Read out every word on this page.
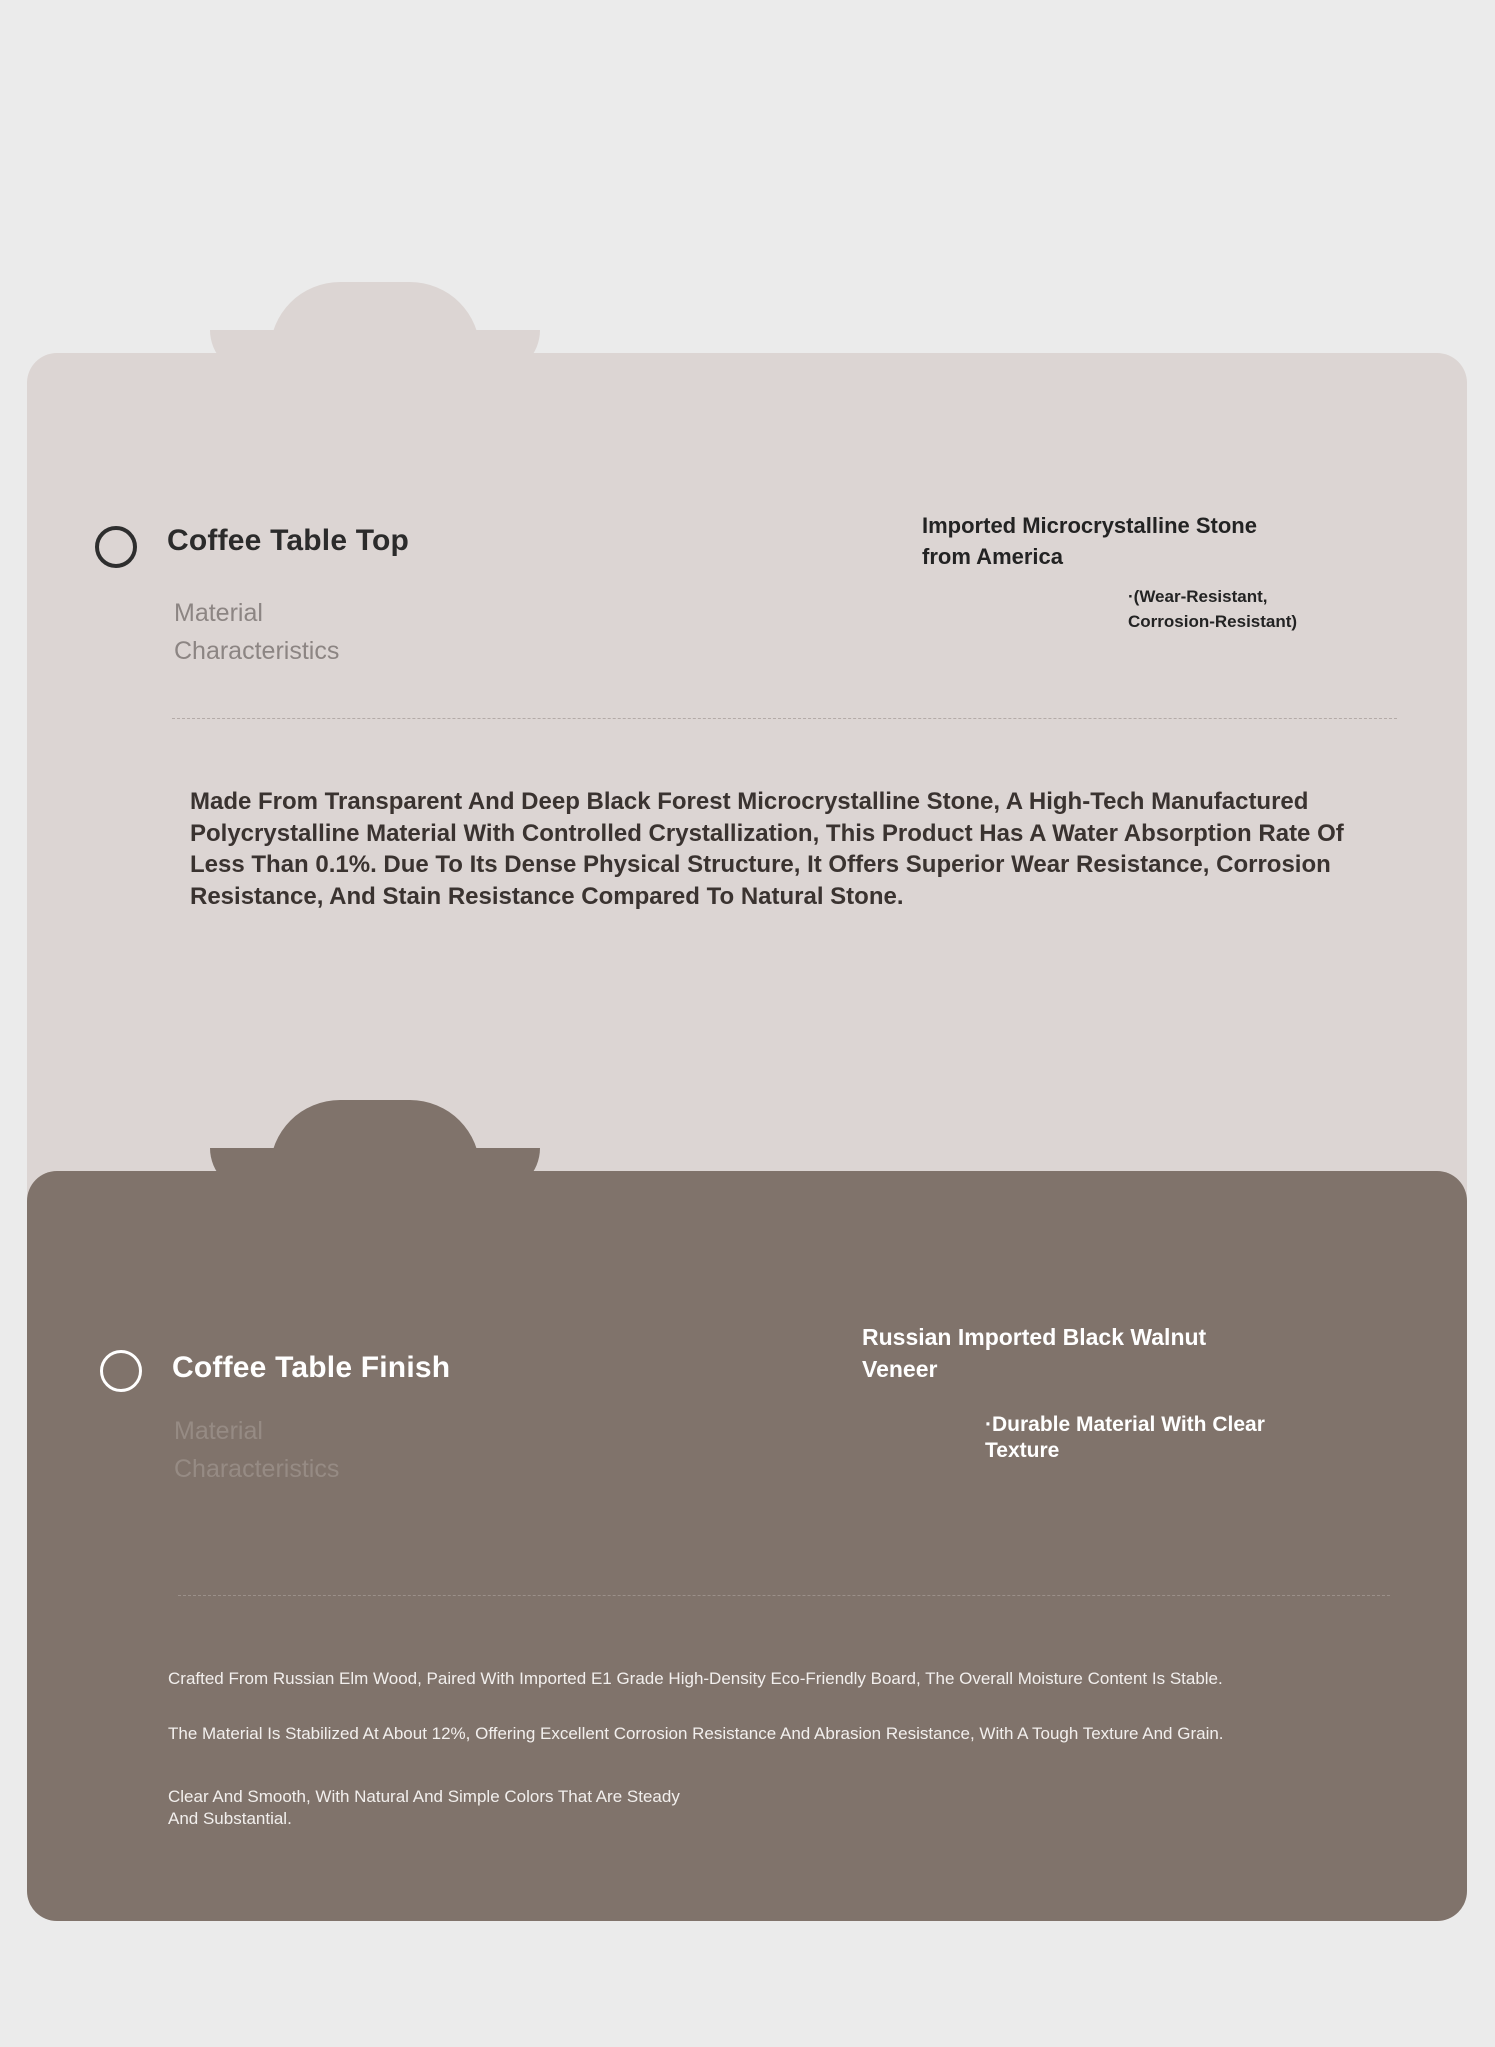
Coffee Table Top
Material
Characteristics
Imported Microcrystalline Stone
from America
·(Wear-Resistant,
Corrosion-Resistant)
Made From Transparent And Deep Black Forest Microcrystalline Stone, A High-Tech Manufactured Polycrystalline Material With Controlled Crystallization, This Product Has A Water Absorption Rate Of Less Than 0.1%. Due To Its Dense Physical Structure, It Offers Superior Wear Resistance, Corrosion Resistance, And Stain Resistance Compared To Natural Stone.
Coffee Table Finish
Material
Characteristics
Russian Imported Black Walnut
Veneer
·Durable Material With Clear
Texture
Crafted From Russian Elm Wood, Paired With Imported E1 Grade High-Density Eco-Friendly Board, The Overall Moisture Content Is Stable.
The Material Is Stabilized At About 12%, Offering Excellent Corrosion Resistance And Abrasion Resistance, With A Tough Texture And Grain.
Clear And Smooth, With Natural And Simple Colors That Are Steady
And Substantial.
